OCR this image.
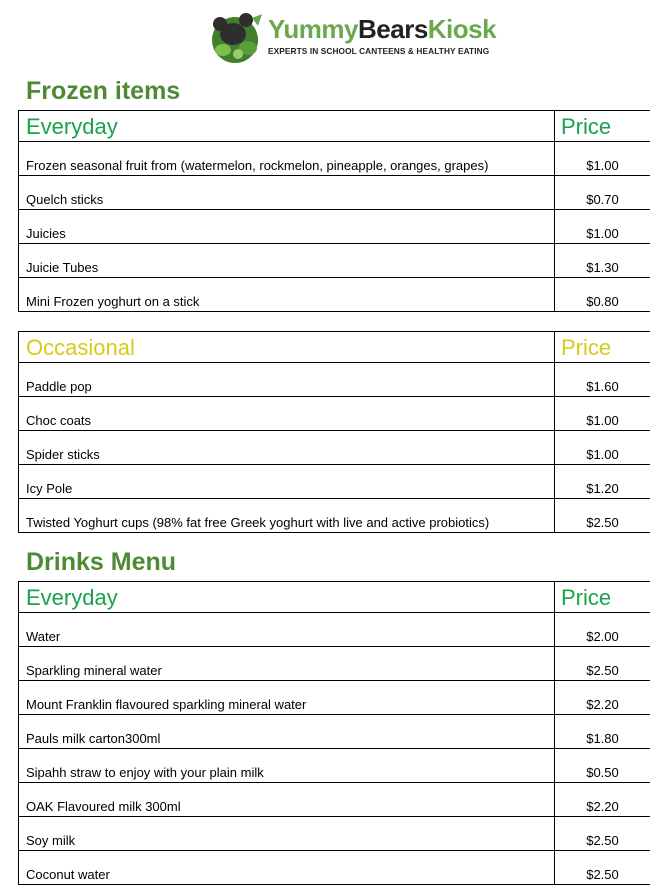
YummyBearsKiosk
EXPERTS IN SCHOOL CANTEENS & HEALTHY EATING
Frozen items
Everyday	Price
Frozen seasonal fruit from (watermelon, rockmelon, pineapple, oranges, grapes)	$1.00
Quelch sticks	$0.70
Juicies	$1.00
Juicie Tubes	$1.30
Mini Frozen yoghurt on a stick	$0.80
Occasional	Price
Paddle pop	$1.60
Choc coats	$1.00
Spider sticks	$1.00
Icy Pole	$1.20
Twisted Yoghurt cups (98% fat free Greek yoghurt with live and active probiotics)	$2.50
Drinks Menu
Everyday	Price
Water	$2.00
Sparkling mineral water	$2.50
Mount Franklin flavoured sparkling mineral water	$2.20
Pauls milk carton300ml	$1.80
Sipahh straw to enjoy with your plain milk	$0.50
OAK Flavoured milk 300ml	$2.20
Soy milk	$2.50
Coconut water	$2.50
